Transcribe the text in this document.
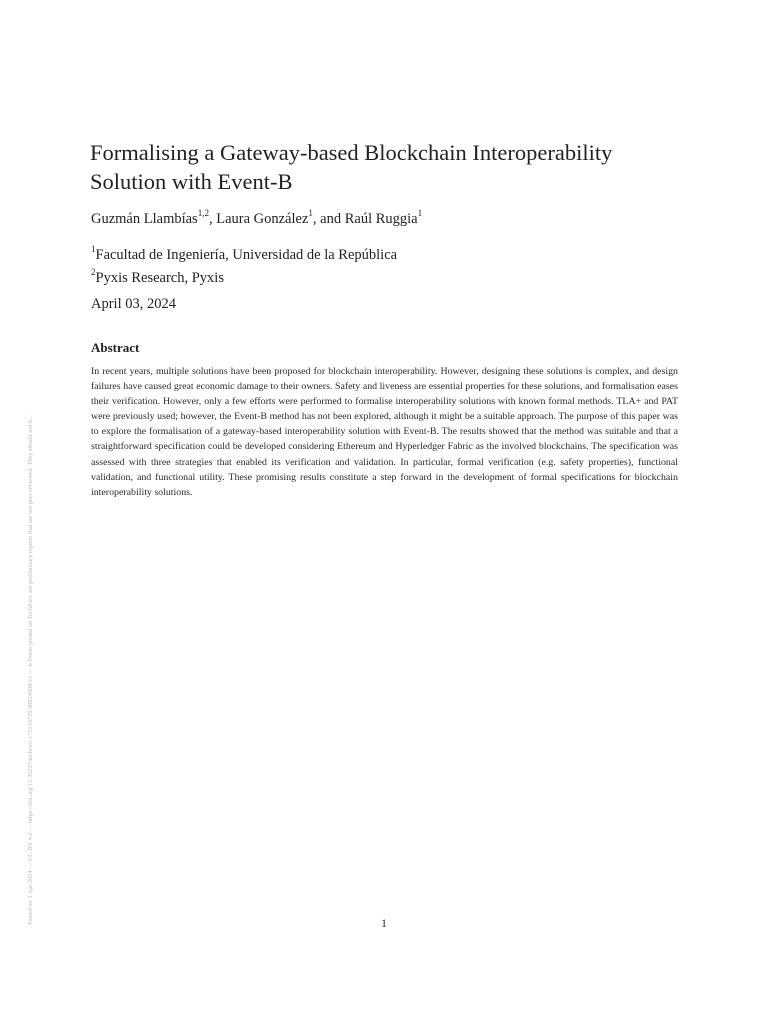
Formalising a Gateway-based Blockchain Interoperability Solution with Event-B
Guzmán Llambías$^{1,2}$, Laura González$^1$, and Raúl Ruggia$^1$
$^1$Facultad de Ingeniería, Universidad de la República
$^2$Pyxis Research, Pyxis
April 03, 2024
Abstract

In recent years, multiple solutions have been proposed for blockchain interoperability. However, designing these solutions is complex, and design failures have caused great economic damage to their owners. Safety and liveness are essential properties for these solutions, and formalisation eases their verification. However, only a few efforts were performed to formalise interoperability solutions with known formal methods. TLA+ and PAT were previously used; however, the Event-B method has not been explored, although it might be a suitable approach. The purpose of this paper was to explore the formalisation of a gateway-based interoperability solution with Event-B. The results showed that the method was suitable and that a straightforward specification could be developed considering Ethereum and Hyperledger Fabric as the involved blockchains. The specification was assessed with three strategies that enabled its verification and validation. In particular, formal verification (e.g. safety properties), functional validation, and functional utility. These promising results constitute a step forward in the development of formal specifications for blockchain interoperability solutions.

Posted on 3 Apr 2024 — CC-BY 4.0 — https://doi.org/10.36227/techrxiv.171216729.98824908/v1 — e-Prints posted on TechRxiv are preliminary reports that are not peer reviewed. They should not b...	1
